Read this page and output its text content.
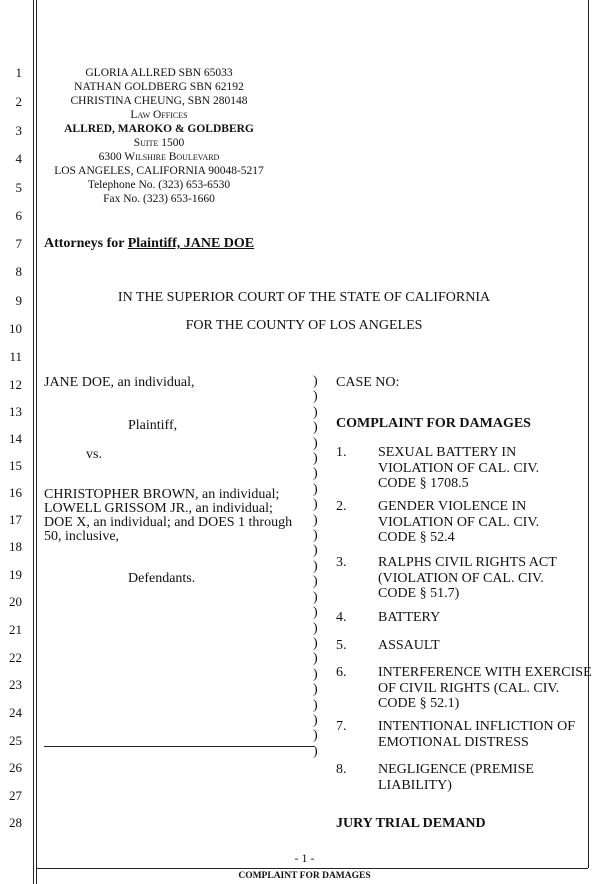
1
2
3
4
5
6
7
8
9
10
11
12
13
14
15
16
17
18
19
20
21
22
23
24
25
26
27
28
GLORIA ALLRED SBN 65033
NATHAN GOLDBERG SBN 62192
CHRISTINA CHEUNG, SBN 280148
Law Offices
ALLRED, MAROKO & GOLDBERG
Suite 1500
6300 Wilshire Boulevard
LOS ANGELES, CALIFORNIA 90048-5217
Telephone No. (323) 653-6530
Fax No. (323) 653-1660
Attorneys for Plaintiff, JANE DOE
IN THE SUPERIOR COURT OF THE STATE OF CALIFORNIA
FOR THE COUNTY OF LOS ANGELES
JANE DOE, an individual,
Plaintiff,
vs.
CHRISTOPHER BROWN, an individual;
LOWELL GRISSOM JR., an individual;
DOE X, an individual; and DOES 1 through
50, inclusive,
Defendants.
)
)
)
)
)
)
)
)
)
)
)
)
)
)
)
)
)
)
)
)
)
)
)
)
)
CASE NO:
COMPLAINT FOR DAMAGES
1. SEXUAL BATTERY IN VIOLATION OF CAL. CIV. CODE § 1708.5
2. GENDER VIOLENCE IN VIOLATION OF CAL. CIV. CODE § 52.4
3. RALPHS CIVIL RIGHTS ACT (VIOLATION OF CAL. CIV. CODE § 51.7)
4. BATTERY
5. ASSAULT
6. INTERFERENCE WITH EXERCISE OF CIVIL RIGHTS (CAL. CIV. CODE § 52.1)
7. INTENTIONAL INFLICTION OF EMOTIONAL DISTRESS
8. NEGLIGENCE (PREMISE LIABILITY)
JURY TRIAL DEMAND
- 1 -
COMPLAINT FOR DAMAGES
